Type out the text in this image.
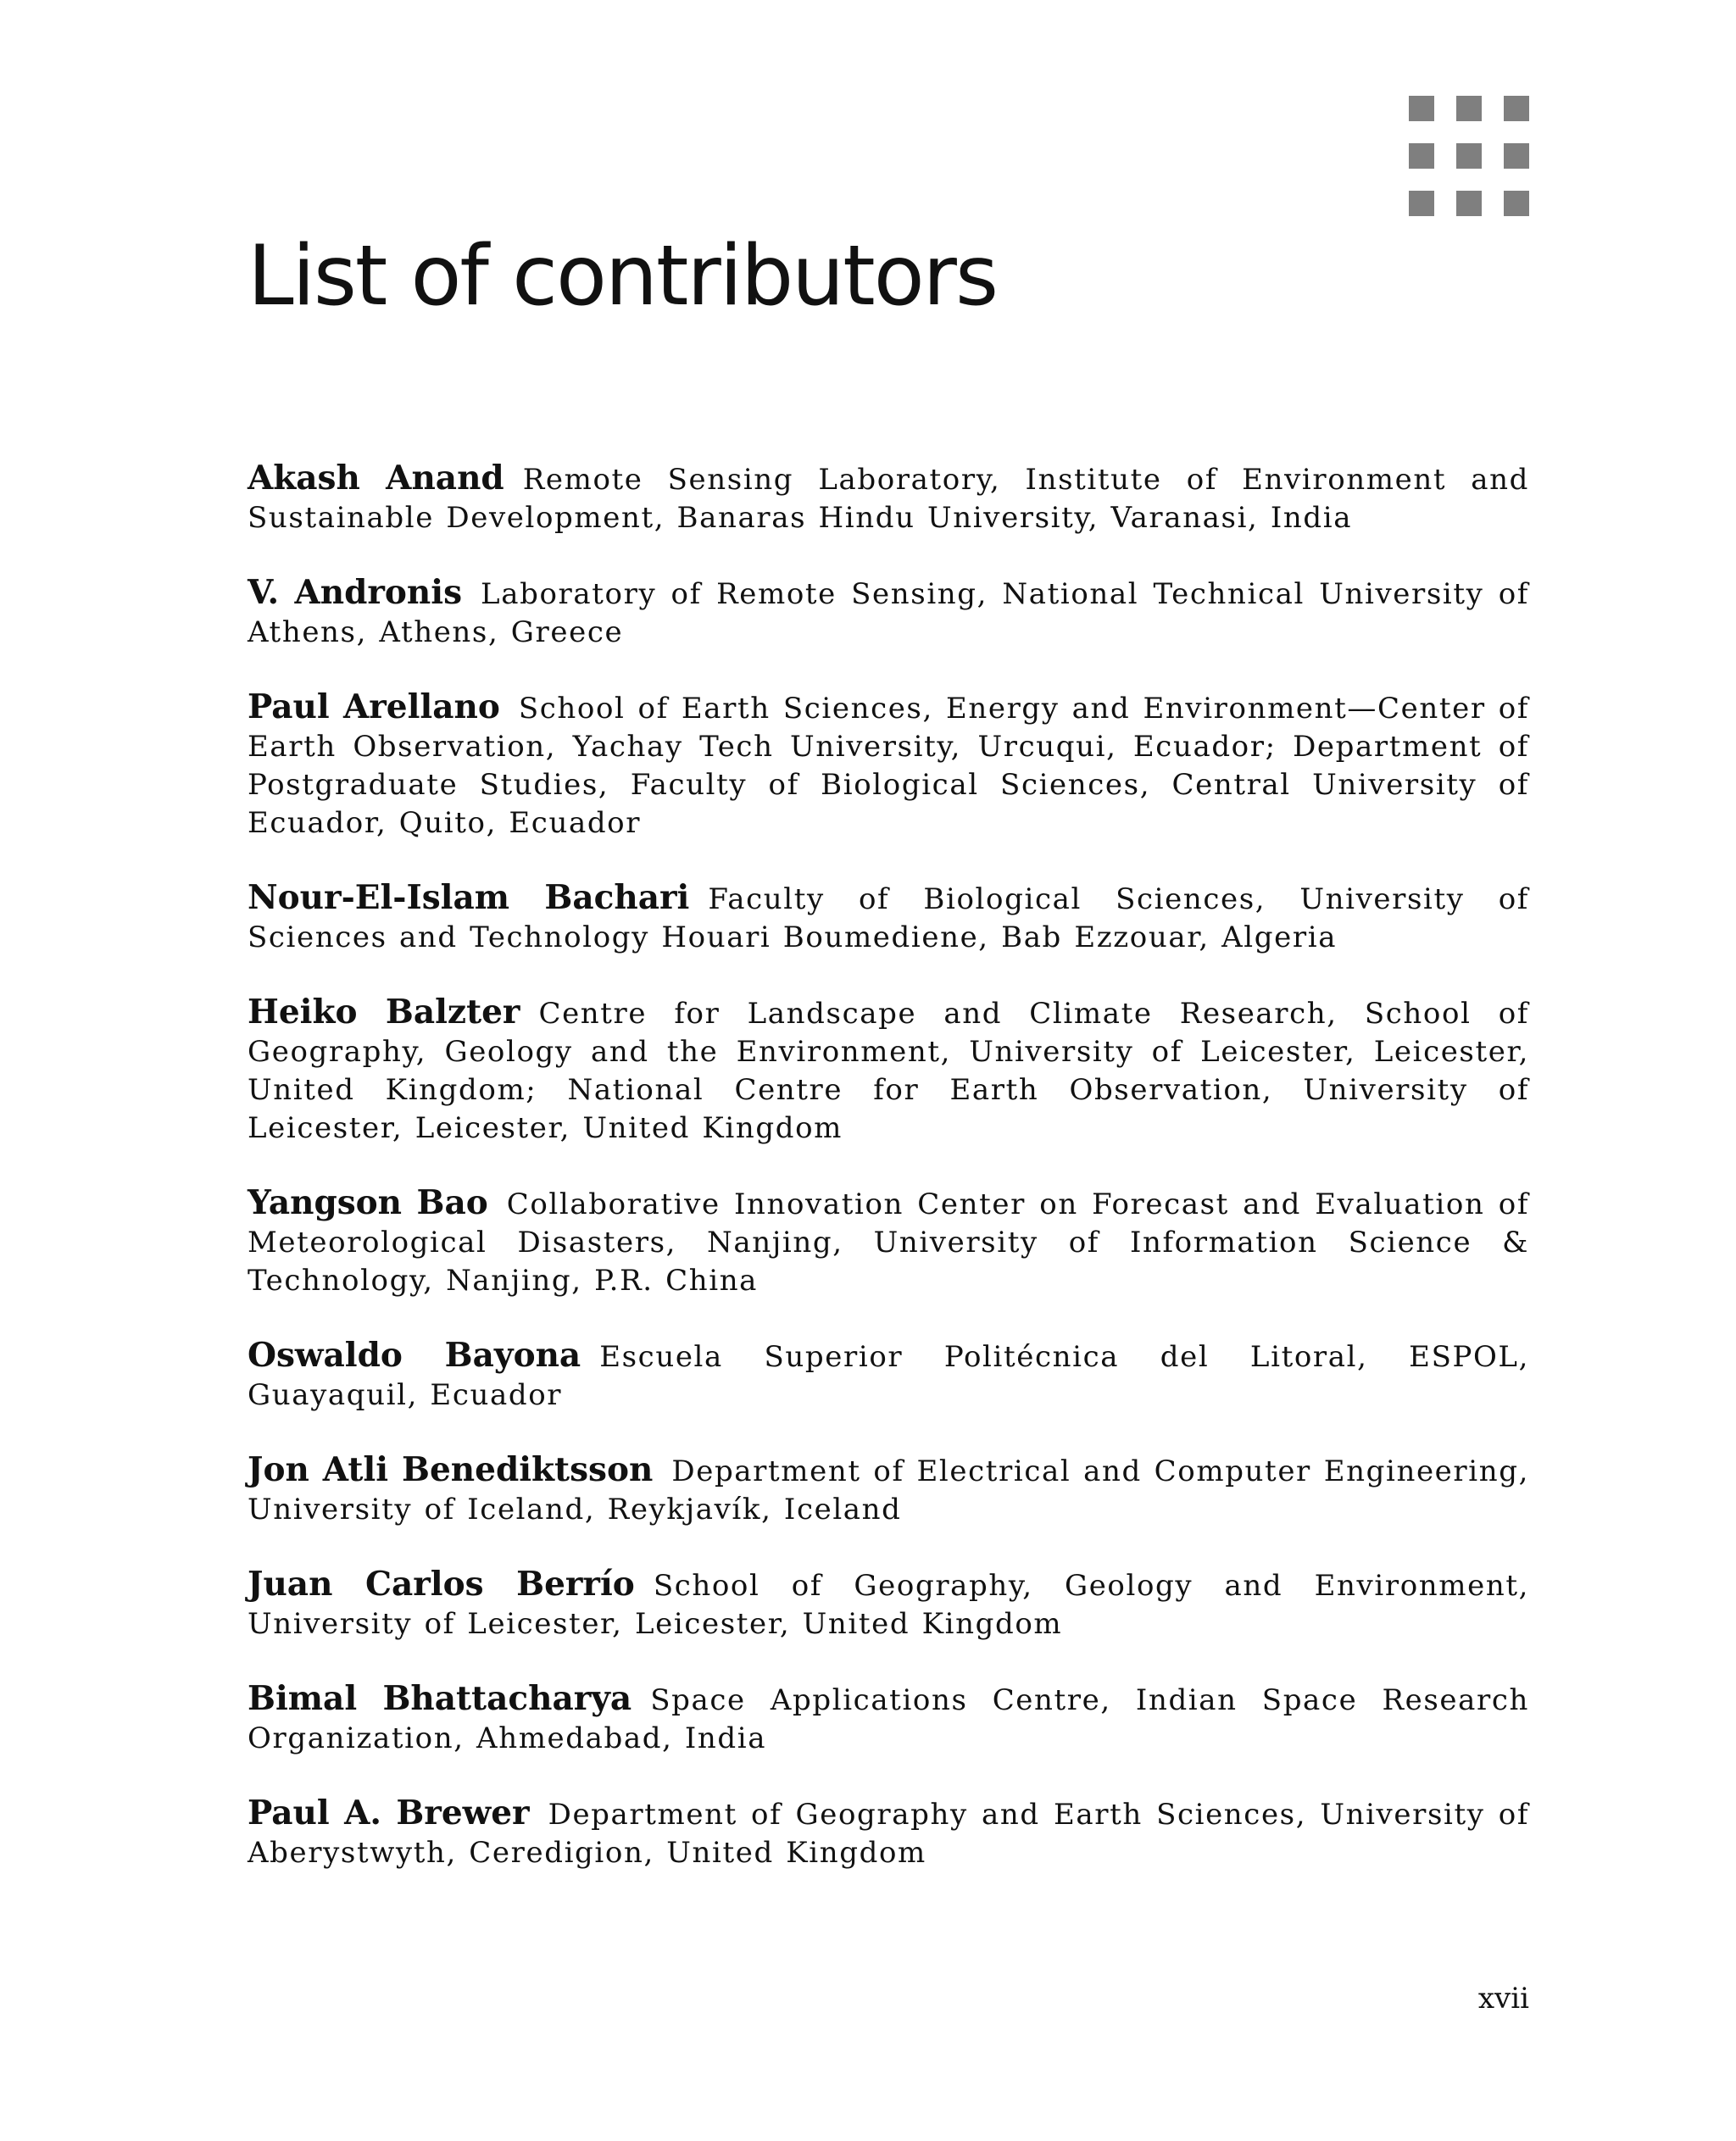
List of contributors
Akash Anand Remote Sensing Laboratory, Institute of Environment and Sustainable Development, Banaras Hindu University, Varanasi, India
V. Andronis Laboratory of Remote Sensing, National Technical University of Athens, Athens, Greece
Paul Arellano School of Earth Sciences, Energy and Environment—Center of Earth Observation, Yachay Tech University, Urcuqui, Ecuador; Department of Postgraduate Studies, Faculty of Biological Sciences, Central University of Ecuador, Quito, Ecuador
Nour-El-Islam Bachari Faculty of Biological Sciences, University of Sciences and Technology Houari Boumediene, Bab Ezzouar, Algeria
Heiko Balzter Centre for Landscape and Climate Research, School of Geography, Geology and the Environment, University of Leicester, Leicester, United Kingdom; National Centre for Earth Observation, University of Leicester, Leicester, United Kingdom
Yangson Bao Collaborative Innovation Center on Forecast and Evaluation of Meteorological Disasters, Nanjing, University of Information Science & Technology, Nanjing, P.R. China
Oswaldo Bayona Escuela Superior Politécnica del Litoral, ESPOL, Guayaquil, Ecuador
Jon Atli Benediktsson Department of Electrical and Computer Engineering, University of Iceland, Reykjavík, Iceland
Juan Carlos Berrío School of Geography, Geology and Environment, University of Leicester, Leicester, United Kingdom
Bimal Bhattacharya Space Applications Centre, Indian Space Research Organization, Ahmedabad, India
Paul A. Brewer Department of Geography and Earth Sciences, University of Aberystwyth, Ceredigion, United Kingdom
xvii
